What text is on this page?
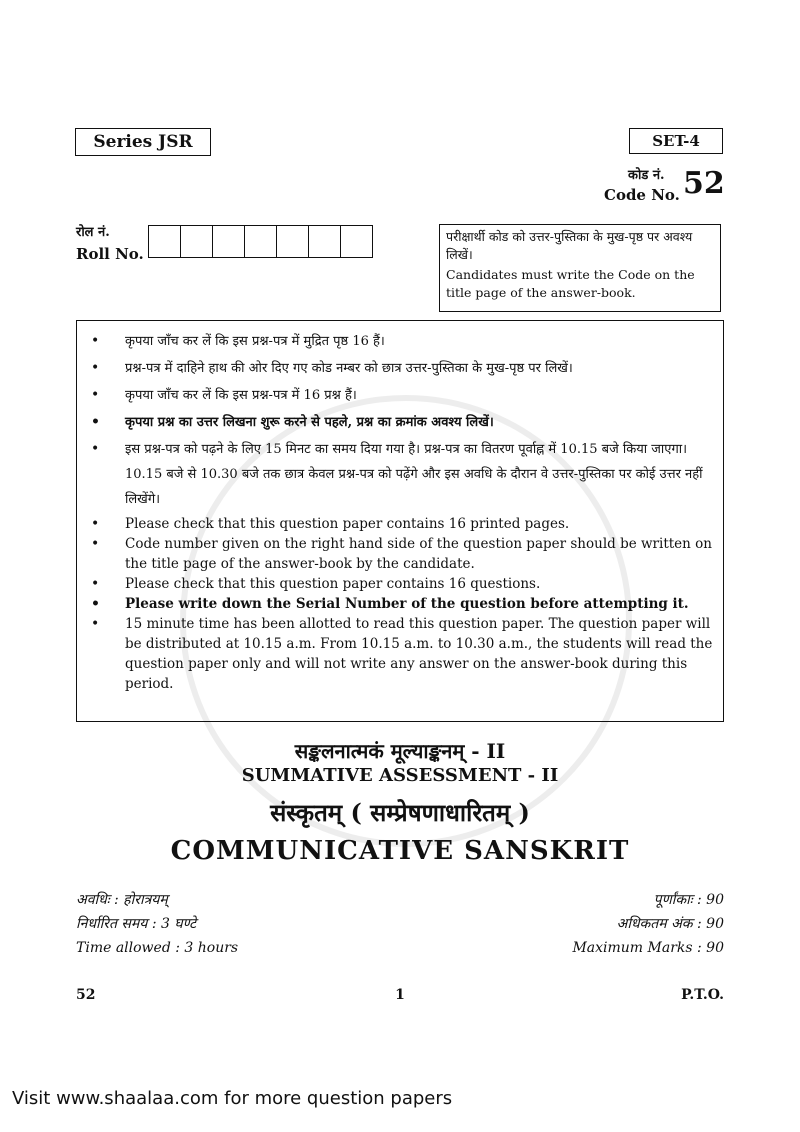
Series JSR	SET-4
कोड नं.
Code No. 52
रोल नं.
Roll No.

परीक्षार्थी कोड को उत्तर-पुस्तिका के मुख-पृष्ठ पर अवश्य लिखें।

Candidates must write the Code on the title page of the answer-book.

• कृपया जाँच कर लें कि इस प्रश्न-पत्र में मुद्रित पृष्ठ 16 हैं।
• प्रश्न-पत्र में दाहिने हाथ की ओर दिए गए कोड नम्बर को छात्र उत्तर-पुस्तिका के मुख-पृष्ठ पर लिखें।
• कृपया जाँच कर लें कि इस प्रश्न-पत्र में 16 प्रश्न हैं।
• कृपया प्रश्न का उत्तर लिखना शुरू करने से पहले, प्रश्न का क्रमांक अवश्य लिखें।
• इस प्रश्न-पत्र को पढ़ने के लिए 15 मिनट का समय दिया गया है। प्रश्न-पत्र का वितरण पूर्वाह्न में 10.15 बजे किया जाएगा। 10.15 बजे से 10.30 बजे तक छात्र केवल प्रश्न-पत्र को पढ़ेंगे और इस अवधि के दौरान वे उत्तर-पुस्तिका पर कोई उत्तर नहीं लिखेंगे।
• Please check that this question paper contains 16 printed pages.
• Code number given on the right hand side of the question paper should be written on the title page of the answer-book by the candidate.
• Please check that this question paper contains 16 questions.
• Please write down the Serial Number of the question before attempting it.
• 15 minute time has been allotted to read this question paper. The question paper will be distributed at 10.15 a.m. From 10.15 a.m. to 10.30 a.m., the students will read the question paper only and will not write any answer on the answer-book during this period.
सङ्कलनात्मकं मूल्याङ्कनम् - II
SUMMATIVE ASSESSMENT - II
संस्कृतम् ( सम्प्रेषणाधारितम् )
COMMUNICATIVE SANSKRIT
अवधिः : होरात्रयम्
निर्धारित समय : 3 घण्टे
Time allowed : 3 hours
पूर्णांकाः : 90
अधिकतम अंक : 90
Maximum Marks : 90
52	1	P.T.O.
Visit www.shaalaa.com for more question papers
